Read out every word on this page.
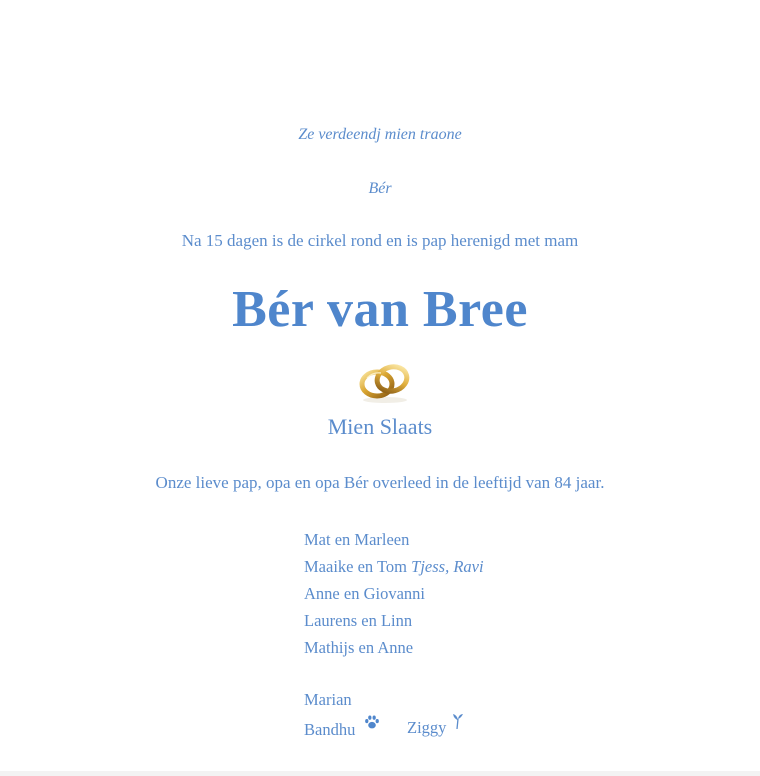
Ze verdeendj mien traone
Bér
Na 15 dagen is de cirkel rond en is pap herenigd met mam
Bér van Bree
Mien Slaats
Onze lieve pap, opa en opa Bér overleed in de leeftijd van 84 jaar.
Mat en Marleen
Maaike en Tom Tjess, Ravi
Anne en Giovanni
Laurens en Linn
Mathijs en Anne
Marian
Bandhu	Ziggy
